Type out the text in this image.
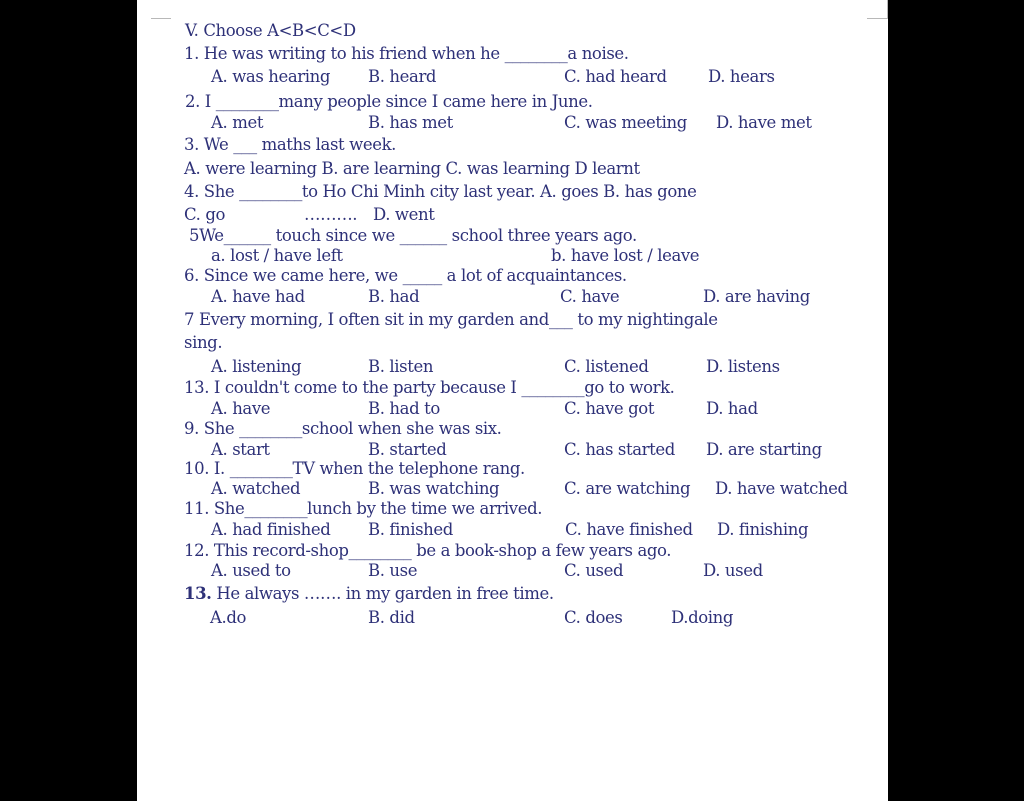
V. Choose A<B<C<D
1. He was writing to his friend when he ________a noise.
A. was hearing B. heard	C. had heard	D. hears
2. I ________many people since I came here in June.
A. met	B. has met	C. was meeting D. have met
3. We ___ maths last week.
A. were learning B. are learning C. was learning D learnt
4. She ________to Ho Chi Minh city last year. A. goes B. has gone
C. go	………. D. went
5We______ touch since we ______ school three years ago.
a. lost / have left	b. have lost / leave
6. Since we came here, we _____ a lot of acquaintances.
A. have had	B. had	C. have	D. are having
7 Every morning, I often sit in my garden and___ to my nightingale
sing.
A. listening	B. listen	C. listened	D. listens
13. I couldn't come to the party because I ________go to work.
A. have	B. had to	C. have got	D. had
9. She ________school when she was six.
A. start	B. started	C. has started D. are starting
10. I. ________TV when the telephone rang.
A. watched	B. was watching	C. are watching D. have watched
11. She________lunch by the time we arrived.
A. had finished B. finished	C. have finished D. finishing
12. This record-shop________ be a book-shop a few years ago.
A. used to	B. use	C. used	D. used
13. He always ……. in my garden in free time.
A.do	B. did	C. does	D.doing
